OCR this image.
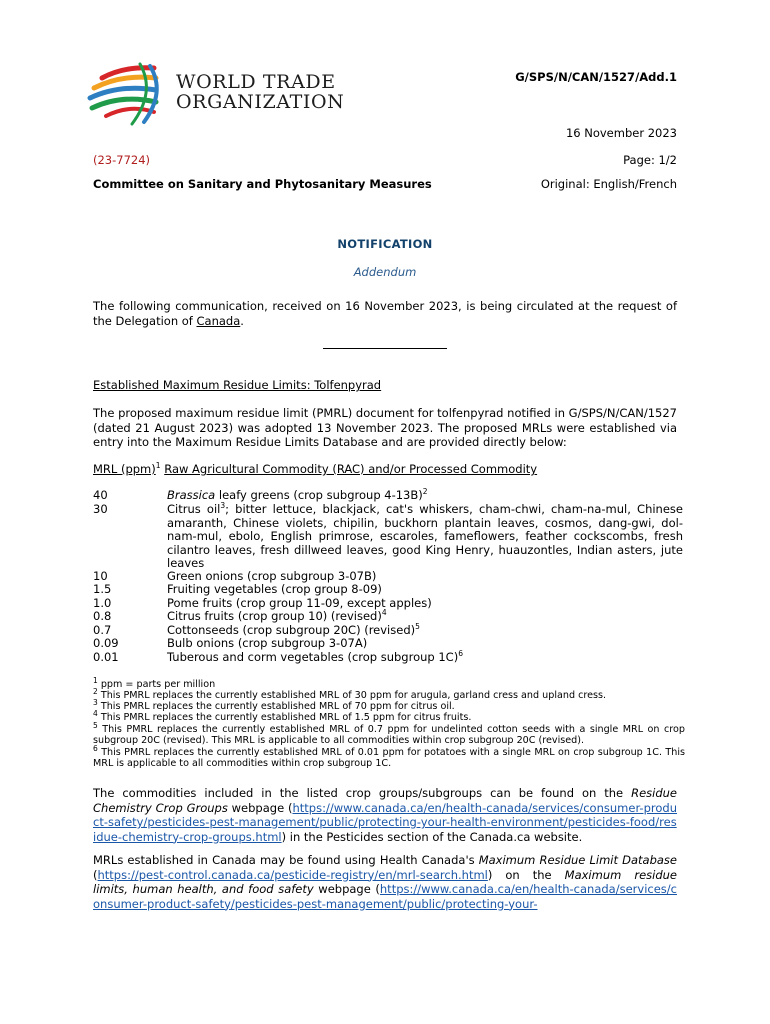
WORLD TRADE
ORGANIZATION
G/SPS/N/CAN/1527/Add.1
16 November 2023
(23-7724)	Page: 1/2
Committee on Sanitary and Phytosanitary Measures	Original: English/French
NOTIFICATION
Addendum
The following communication, received on 16 November 2023, is being circulated at the request of the Delegation of Canada.
Established Maximum Residue Limits: Tolfenpyrad
The proposed maximum residue limit (PMRL) document for tolfenpyrad notified in G/SPS/N/CAN/1527 (dated 21 August 2023) was adopted 13 November 2023. The proposed MRLs were established via entry into the Maximum Residue Limits Database and are provided directly below:
MRL (ppm)$^1$ Raw Agricultural Commodity (RAC) and/or Processed Commodity
40	Brassica leafy greens (crop subgroup 4-13B)$^2$
30	Citrus oil$^3$; bitter lettuce, blackjack, cat's whiskers, cham-chwi, cham-na-mul, Chinese amaranth, Chinese violets, chipilin, buckhorn plantain leaves, cosmos, dang-gwi, dol-nam-mul, ebolo, English primrose, escaroles, fameflowers, feather cockscombs, fresh cilantro leaves, fresh dillweed leaves, good King Henry, huauzontles, Indian asters, jute leaves
10	Green onions (crop subgroup 3-07B)
1.5	Fruiting vegetables (crop group 8-09)
1.0	Pome fruits (crop group 11-09, except apples)
0.8	Citrus fruits (crop group 10) (revised)$^4$
0.7	Cottonseeds (crop subgroup 20C) (revised)$^5$
0.09	Bulb onions (crop subgroup 3-07A)
0.01	Tuberous and corm vegetables (crop subgroup 1C)$^6$
$^1$ ppm = parts per million
$^2$ This PMRL replaces the currently established MRL of 30 ppm for arugula, garland cress and upland cress.
$^3$ This PMRL replaces the currently established MRL of 70 ppm for citrus oil.
$^4$ This PMRL replaces the currently established MRL of 1.5 ppm for citrus fruits.
$^5$ This PMRL replaces the currently established MRL of 0.7 ppm for undelinted cotton seeds with a single MRL on crop subgroup 20C (revised). This MRL is applicable to all commodities within crop subgroup 20C (revised).
$^6$ This PMRL replaces the currently established MRL of 0.01 ppm for potatoes with a single MRL on crop subgroup 1C. This MRL is applicable to all commodities within crop subgroup 1C.
The commodities included in the listed crop groups/subgroups can be found on the Residue Chemistry Crop Groups webpage (https://www.canada.ca/en/health-canada/services/consumer-product-safety/pesticides-pest-management/public/protecting-your-health-environment/pesticides-food/residue-chemistry-crop-groups.html) in the Pesticides section of the Canada.ca website.
MRLs established in Canada may be found using Health Canada's Maximum Residue Limit Database (https://pest-control.canada.ca/pesticide-registry/en/mrl-search.html) on the Maximum residue limits, human health, and food safety webpage (https://www.canada.ca/en/health-canada/services/consumer-product-safety/pesticides-pest-management/public/protecting-your-
